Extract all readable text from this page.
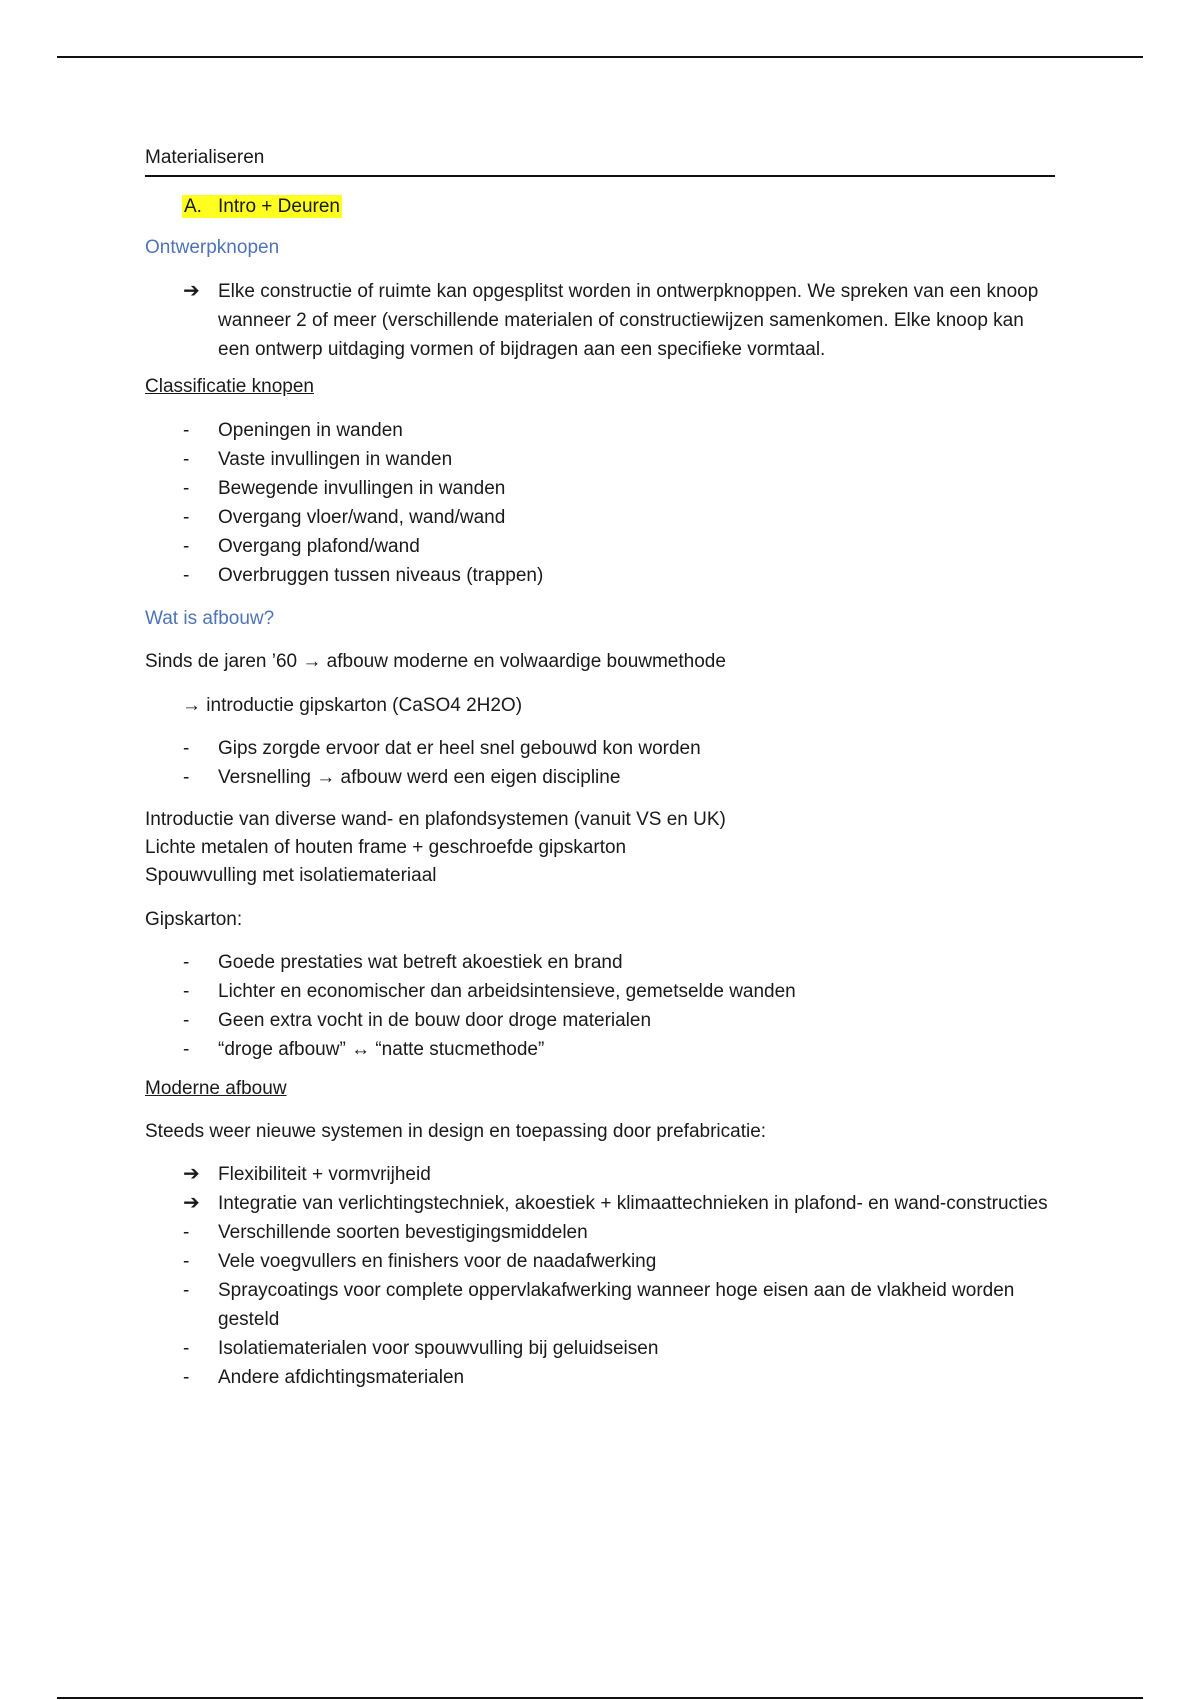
Materialiseren
A. Intro + Deuren
Ontwerpknopen
➔ Elke constructie of ruimte kan opgesplitst worden in ontwerpknoppen. We spreken van een knoop wanneer 2 of meer (verschillende materialen of constructiewijzen samenkomen. Elke knoop kan een ontwerp uitdaging vormen of bijdragen aan een specifieke vormtaal.
Classificatie knopen
- Openingen in wanden
- Vaste invullingen in wanden
- Bewegende invullingen in wanden
- Overgang vloer/wand, wand/wand
- Overgang plafond/wand
- Overbruggen tussen niveaus (trappen)
Wat is afbouw?
Sinds de jaren ’60 → afbouw moderne en volwaardige bouwmethode
→ introductie gipskarton (CaSO4 2H2O)
- Gips zorgde ervoor dat er heel snel gebouwd kon worden
- Versnelling → afbouw werd een eigen discipline
Introductie van diverse wand- en plafondsystemen (vanuit VS en UK)
Lichte metalen of houten frame + geschroefde gipskarton
Spouwvulling met isolatiemateriaal
Gipskarton:
- Goede prestaties wat betreft akoestiek en brand
- Lichter en economischer dan arbeidsintensieve, gemetselde wanden
- Geen extra vocht in de bouw door droge materialen
- “droge afbouw” ↔ “natte stucmethode”
Moderne afbouw
Steeds weer nieuwe systemen in design en toepassing door prefabricatie:
➔ Flexibiliteit + vormvrijheid
➔ Integratie van verlichtingstechniek, akoestiek + klimaattechnieken in plafond- en wand-constructies
- Verschillende soorten bevestigingsmiddelen
- Vele voegvullers en finishers voor de naadafwerking
- Spraycoatings voor complete oppervlakafwerking wanneer hoge eisen aan de vlakheid worden gesteld
- Isolatiematerialen voor spouwvulling bij geluidseisen
- Andere afdichtingsmaterialen
